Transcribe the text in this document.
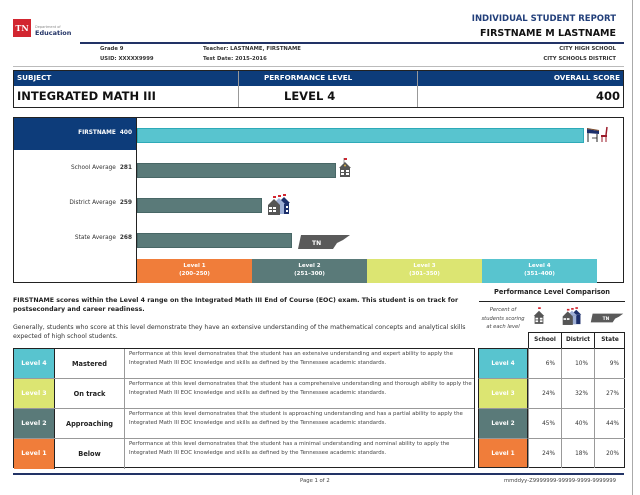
TN	Department of
Education
INDIVIDUAL STUDENT REPORT
FIRSTNAME M LASTNAME
Grade 9
USID: XXXXX9999
Teacher: LASTNAME, FIRSTNAME
Test Date: 2015-2016
CITY HIGH SCHOOL
CITY SCHOOLS DISTRICT
SUBJECT	PERFORMANCE LEVEL	OVERALL SCORE
INTEGRATED MATH III	LEVEL 4	400
FIRSTNAME 400
School Average 281
District Average 259
State Average 268
TN
Level 1
(200–250)
Level 2
(251–300)
Level 3
(301–350)
Level 4
(351–400)
FIRSTNAME scores within the Level 4 range on the Integrated Math III End of Course (EOC) exam. This student is on track for postsecondary and career readiness.
Generally, students who score at this level demonstrate they have an extensive understanding of the mathematical concepts and analytical skills expected of high school students.
Level 4	Mastered
Performance at this level demonstrates that the student has an extensive understanding and expert ability to apply the Integrated Math III EOC knowledge and skills as defined by the Tennessee academic standards.
Level 3	On track
Performance at this level demonstrates that the student has a comprehensive understanding and thorough ability to apply the Integrated Math III EOC knowledge and skills as defined by the Tennessee academic standards.
Level 2	Approaching
Performance at this level demonstrates that the student is approaching understanding and has a partial ability to apply the Integrated Math III EOC knowledge and skills as defined by the Tennessee academic standards.
Level 1	Below
Performance at this level demonstrates that the student has a minimal understanding and nominal ability to apply the Integrated Math III EOC knowledge and skills as defined by the Tennessee academic standards.
Performance Level Comparison
Percent of students scoring at each level
TN
School	District	State
Level 4	6%	10%	9%
Level 3	24%	32%	27%
Level 2	45%	40%	44%
Level 1	24%	18%	20%
Page 1 of 2	mmddyy-Z9999999-99999-9999-9999999
